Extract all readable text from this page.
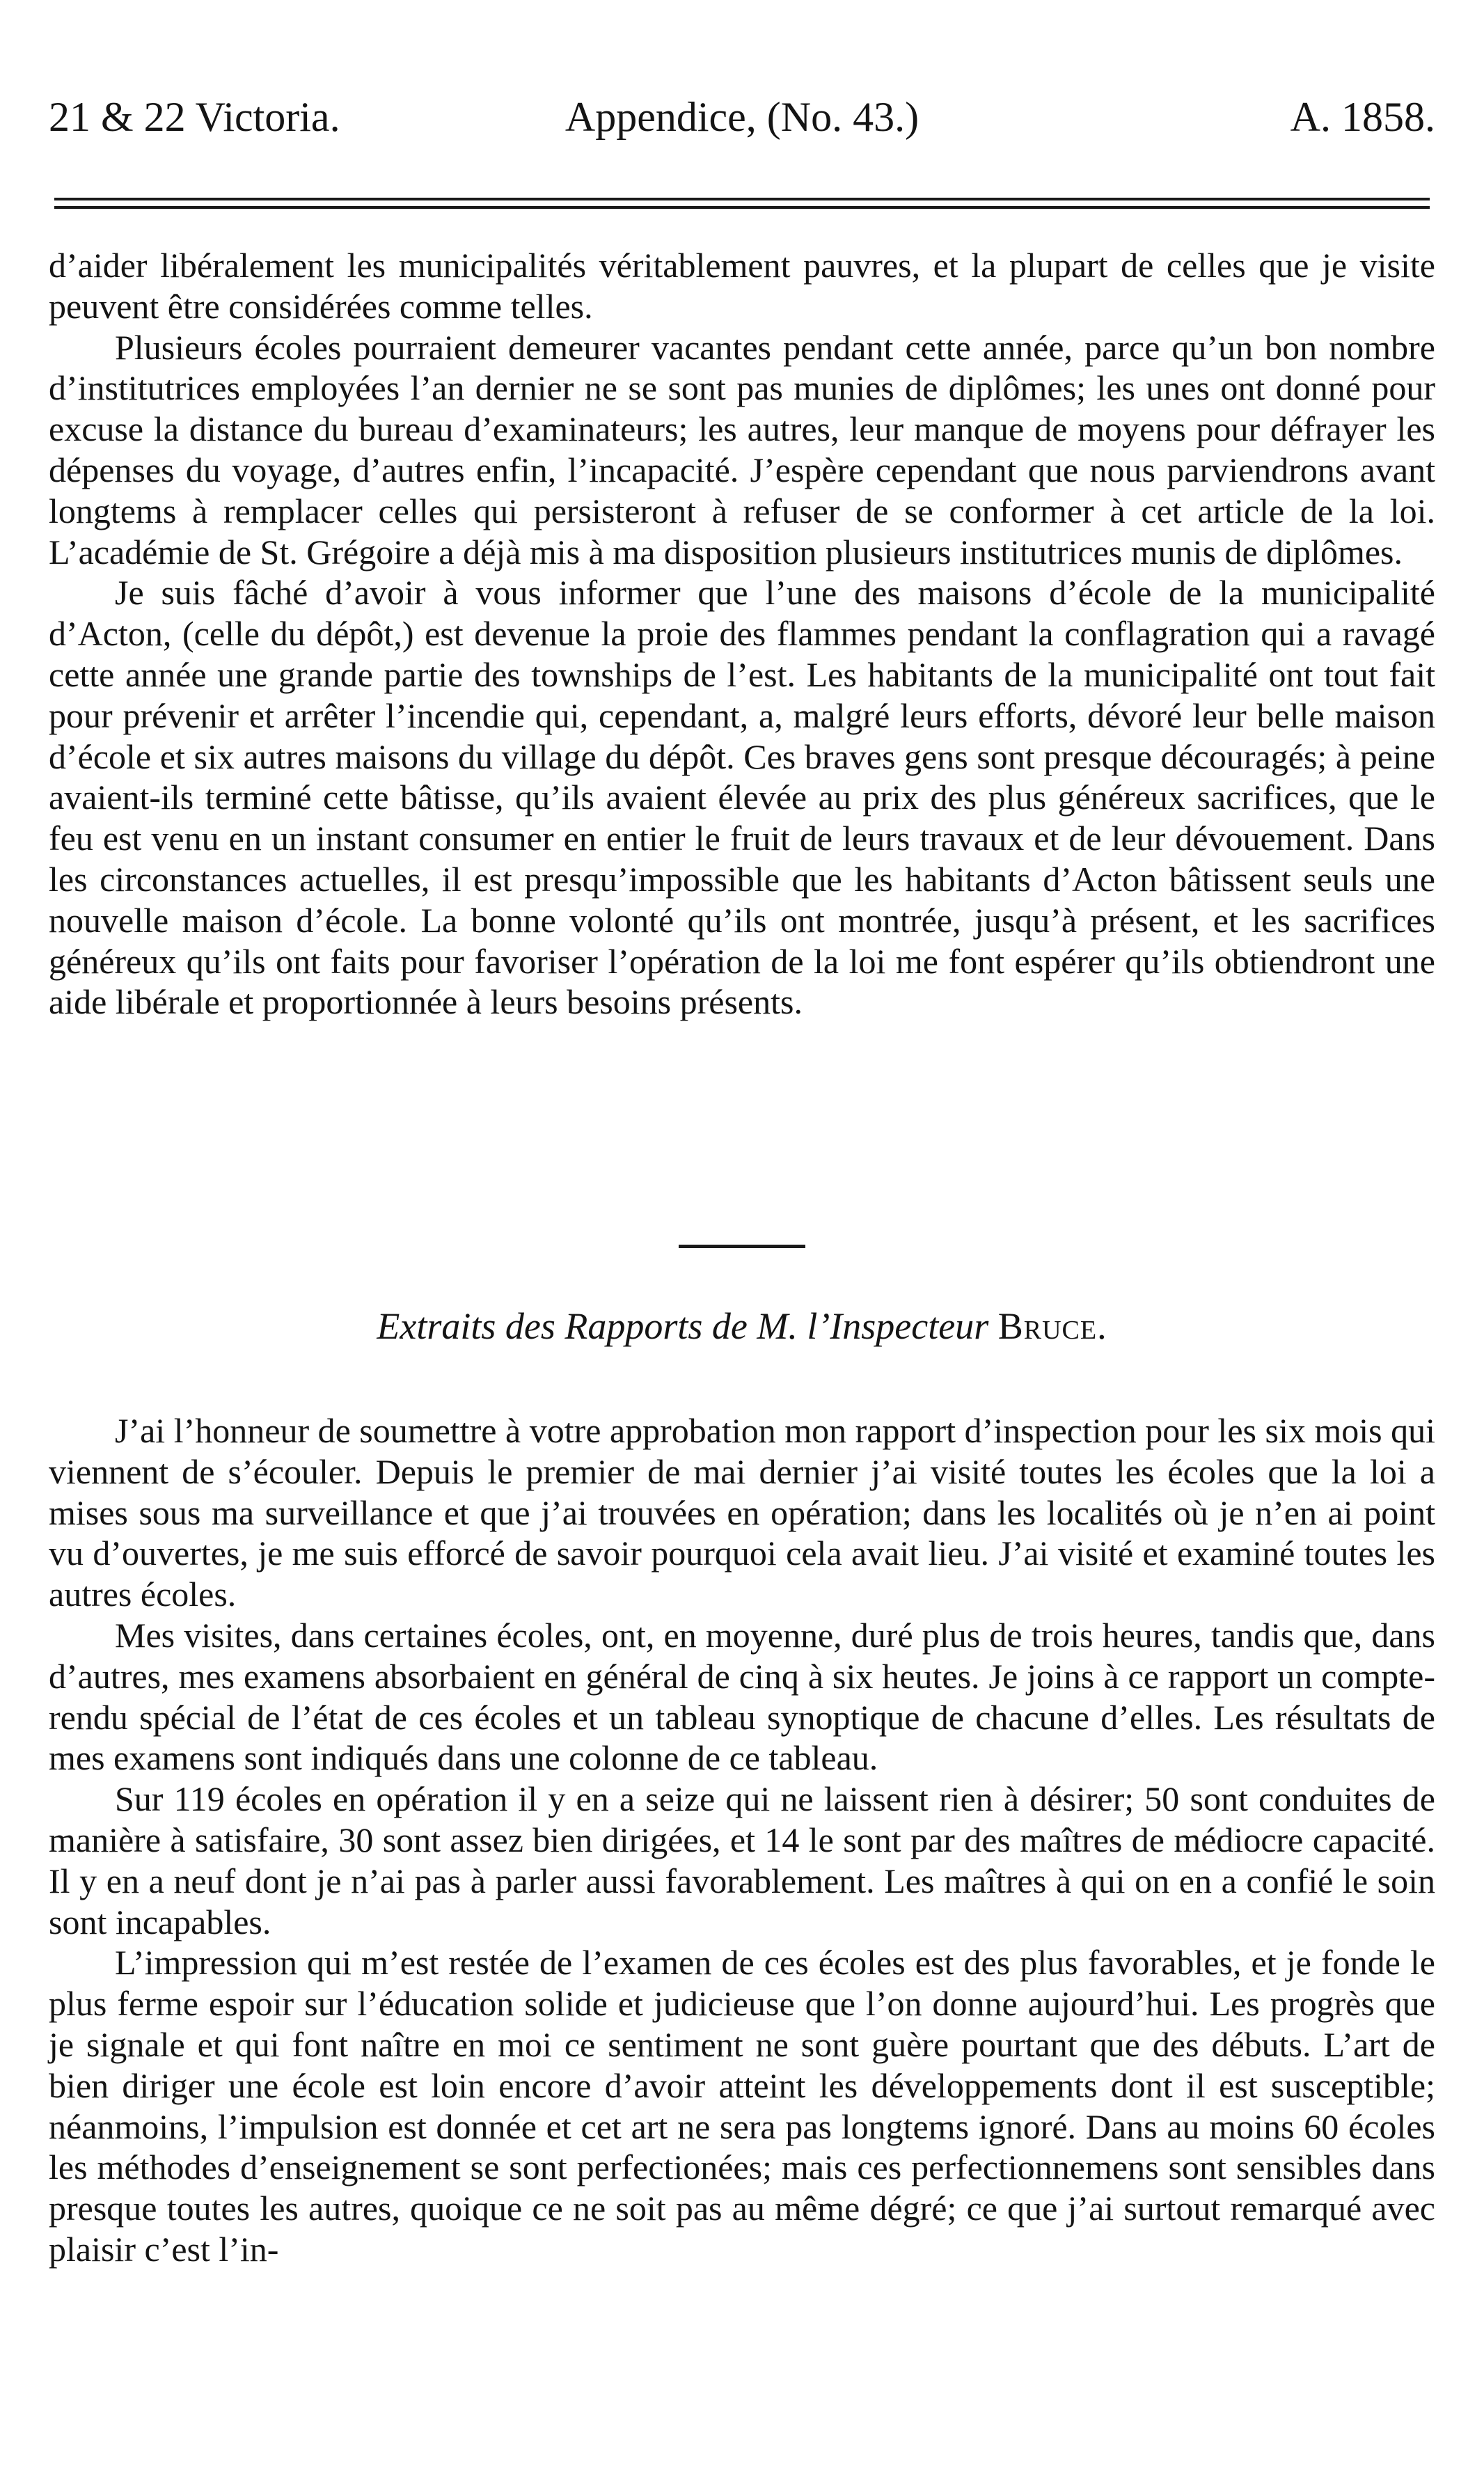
21 & 22 Victoria.	Appendice, (No. 43.)	A. 1858.

d’aider libéralement les municipalités véritablement pauvres, et la plupart de celles que je visite peuvent être considérées comme telles.

Plusieurs écoles pourraient demeurer vacantes pendant cette année, parce qu’un bon nombre d’institutrices employées l’an dernier ne se sont pas munies de diplômes; les unes ont donné pour excuse la distance du bureau d’examinateurs; les autres, leur manque de moyens pour défrayer les dépenses du voyage, d’autres enfin, l’incapacité. J’espère cependant que nous parviendrons avant longtems à remplacer celles qui persisteront à refuser de se conformer à cet article de la loi. L’académie de St. Grégoire a déjà mis à ma disposition plusieurs institutrices munis de diplômes.

Je suis fâché d’avoir à vous informer que l’une des maisons d’école de la municipalité d’Acton, (celle du dépôt,) est devenue la proie des flammes pendant la conflagration qui a ravagé cette année une grande partie des townships de l’est. Les habitants de la municipalité ont tout fait pour prévenir et arrêter l’incendie qui, cependant, a, malgré leurs efforts, dévoré leur belle maison d’école et six autres maisons du village du dépôt. Ces braves gens sont presque découragés; à peine avaient-ils terminé cette bâtisse, qu’ils avaient élevée au prix des plus généreux sacrifices, que le feu est venu en un instant consumer en entier le fruit de leurs travaux et de leur dévouement. Dans les circonstances actuelles, il est presqu’impossible que les habitants d’Acton bâtissent seuls une nouvelle maison d’école. La bonne volonté qu’ils ont montrée, jusqu’à présent, et les sacrifices généreux qu’ils ont faits pour favoriser l’opération de la loi me font espérer qu’ils obtiendront une aide libérale et proportionnée à leurs besoins présents.

Extraits des Rapports de M. l’Inspecteur Bruce.

J’ai l’honneur de soumettre à votre approbation mon rapport d’inspection pour les six mois qui viennent de s’écouler. Depuis le premier de mai dernier j’ai visité toutes les écoles que la loi a mises sous ma surveillance et que j’ai trouvées en opération; dans les localités où je n’en ai point vu d’ouvertes, je me suis efforcé de savoir pourquoi cela avait lieu. J’ai visité et examiné toutes les autres écoles.

Mes visites, dans certaines écoles, ont, en moyenne, duré plus de trois heures, tandis que, dans d’autres, mes examens absorbaient en général de cinq à six heutes. Je joins à ce rapport un compte-rendu spécial de l’état de ces écoles et un tableau synoptique de chacune d’elles. Les résultats de mes examens sont indiqués dans une colonne de ce tableau.

Sur 119 écoles en opération il y en a seize qui ne laissent rien à désirer; 50 sont conduites de manière à satisfaire, 30 sont assez bien dirigées, et 14 le sont par des maîtres de médiocre capacité. Il y en a neuf dont je n’ai pas à parler aussi favorablement. Les maîtres à qui on en a confié le soin sont incapables.

L’impression qui m’est restée de l’examen de ces écoles est des plus favorables, et je fonde le plus ferme espoir sur l’éducation solide et judicieuse que l’on donne aujourd’hui. Les progrès que je signale et qui font naître en moi ce sentiment ne sont guère pourtant que des débuts. L’art de bien diriger une école est loin encore d’avoir atteint les développements dont il est susceptible; néanmoins, l’impulsion est donnée et cet art ne sera pas longtems ignoré. Dans au moins 60 écoles les méthodes d’enseignement se sont perfectionées; mais ces perfectionnemens sont sensibles dans presque toutes les autres, quoique ce ne soit pas au même dégré; ce que j’ai surtout remarqué avec plaisir c’est l’in-
